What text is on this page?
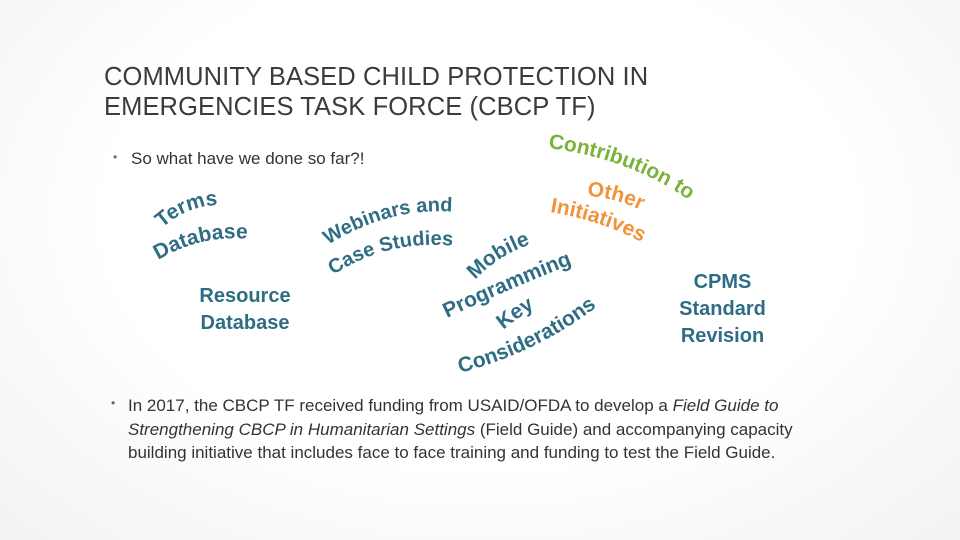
COMMUNITY BASED CHILD PROTECTION IN
EMERGENCIES TASK FORCE (CBCP TF)
• So what have we done so far?!
Terms
Database	Webinars and
Case Studies
Mobile
Programming
Key
Considerations
Contribution to
Other
Initiatives
Resource
Database
CPMS
Standard
Revision
• In 2017, the CBCP TF received funding from USAID/OFDA to develop a Field Guide to Strengthening CBCP in Humanitarian Settings (Field Guide) and accompanying capacity building initiative that includes face to face training and funding to test the Field Guide.
